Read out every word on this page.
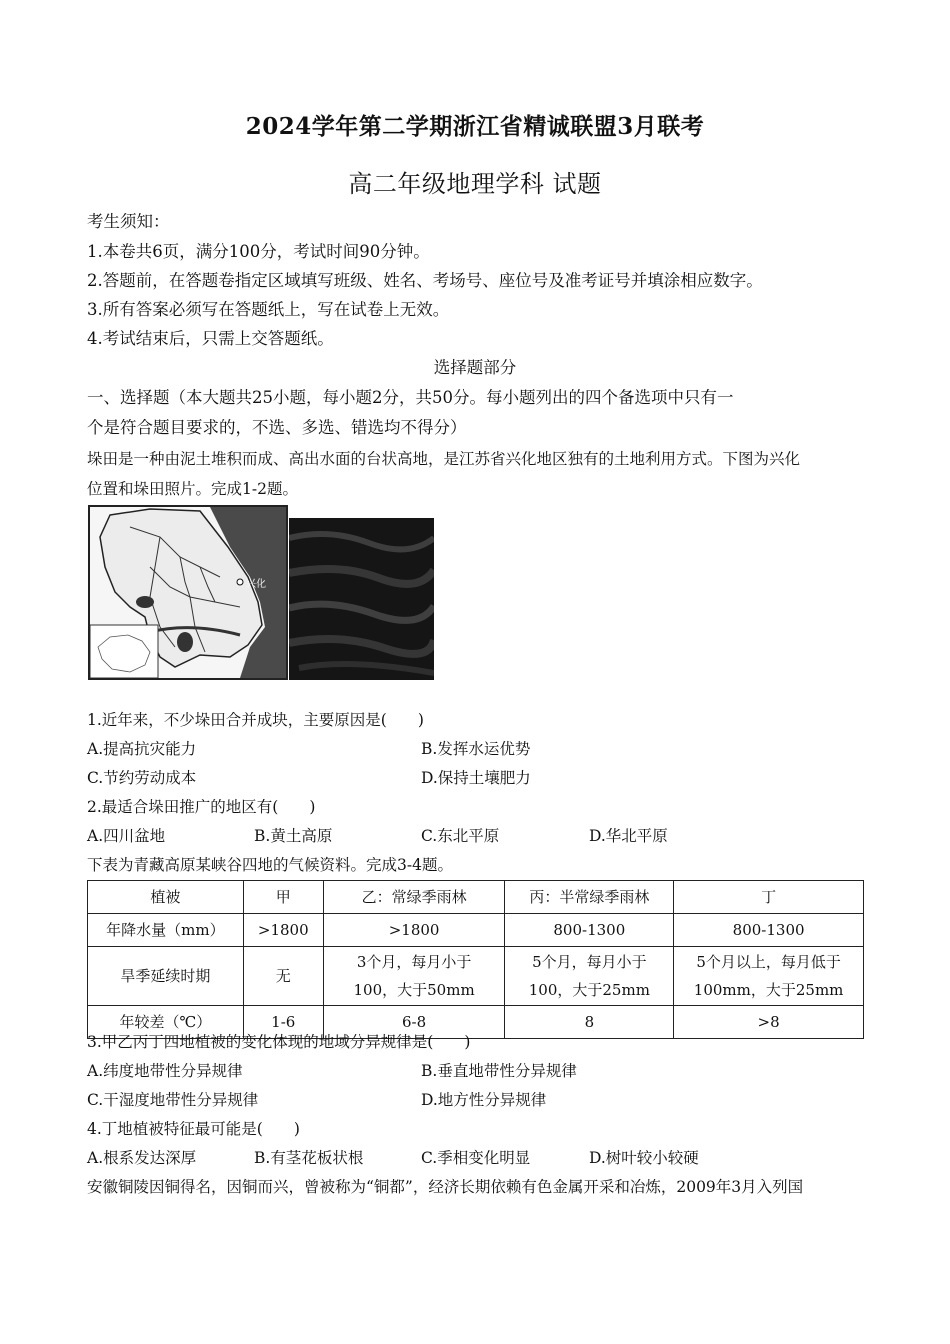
2024学年第二学期浙江省精诚联盟3月联考
高二年级地理学科 试题
考生须知：
1.本卷共6页，满分100分，考试时间90分钟。
2.答题前，在答题卷指定区域填写班级、姓名、考场号、座位号及准考证号并填涂相应数字。
3.所有答案必须写在答题纸上，写在试卷上无效。
4.考试结束后，只需上交答题纸。
选择题部分
一、选择题（本大题共25小题，每小题2分，共50分。每小题列出的四个备选项中只有一
个是符合题目要求的，不选、多选、错选均不得分）
垛田是一种由泥土堆积而成、高出水面的台状高地，是江苏省兴化地区独有的土地利用方式。下图为兴化
位置和垛田照片。完成1-2题。
兴化
1.近年来，不少垛田合并成块，主要原因是(　　)
A.提高抗灾能力	B.发挥水运优势
C.节约劳动成本	D.保持土壤肥力
2.最适合垛田推广的地区有(　　)
A.四川盆地	B.黄土高原	C.东北平原	D.华北平原
下表为青藏高原某峡谷四地的气候资料。完成3-4题。
植被	甲	乙：常绿季雨林	丙：半常绿季雨林	丁
年降水量（mm）	>1800	>1800	800-1300	800-1300
旱季延续时期	无	3个月，每月小于100，大于50mm	5个月，每月小于100，大于25mm	5个月以上，每月低于100mm，大于25mm
年较差（℃）	1-6	6-8	8	>8
3.甲乙丙丁四地植被的变化体现的地域分异规律是(　　)
A.纬度地带性分异规律	B.垂直地带性分异规律
C.干湿度地带性分异规律	D.地方性分异规律
4.丁地植被特征最可能是(　　)
A.根系发达深厚	B.有茎花板状根	C.季相变化明显	D.树叶较小较硬
安徽铜陵因铜得名，因铜而兴，曾被称为“铜都”，经济长期依赖有色金属开采和冶炼，2009年3月入列国
